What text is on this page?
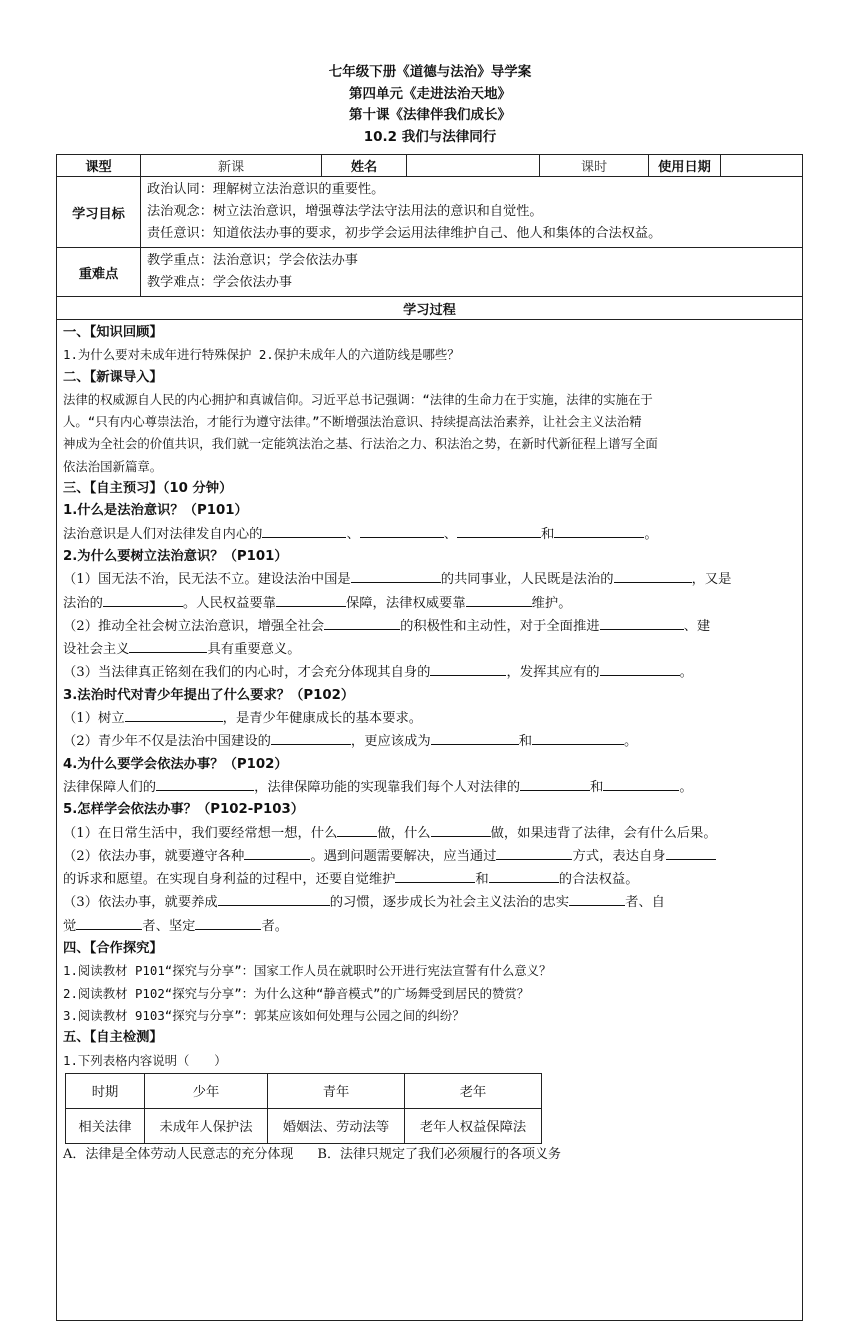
七年级下册《道德与法治》导学案
第四单元《走进法治天地》
第十课《法律伴我们成长》
10.2 我们与法律同行
课型	新课	姓名		课时	使用日期	
学习目标	
政治认同：理解树立法治意识的重要性。
法治观念：树立法治意识，增强尊法学法守法用法的意识和自觉性。
责任意识：知道依法办事的要求，初步学会运用法律维护自己、他人和集体的合法权益。

重难点	
教学重点：法治意识；学会依法办事
教学难点：学会依法办事

学习过程

一、【知识回顾】
1.为什么要对未成年进行特殊保护 2.保护未成年人的六道防线是哪些？
二、【新课导入】
法律的权威源自人民的内心拥护和真诚信仰。习近平总书记强调：“法律的生命力在于实施，法律的实施在于
人。“只有内心尊崇法治，才能行为遵守法律。”不断增强法治意识、持续提高法治素养，让社会主义法治精
神成为全社会的价值共识，我们就一定能筑法治之基、行法治之力、积法治之势，在新时代新征程上谱写全面
依法治国新篇章。
三、【自主预习】（10 分钟）
1.什么是法治意识？（P101）
法治意识是人们对法律发自内心的	、	、	和	。
2.为什么要树立法治意识？（P101）
（1）国无法不治，民无法不立。建设法治中国是	的共同事业，人民既是法治的	，又是
法治的	。人民权益要靠	保障，法律权威要靠	维护。
（2）推动全社会树立法治意识，增强全社会	的积极性和主动性，对于全面推进	、建
设社会主义	具有重要意义。
（3）当法律真正铭刻在我们的内心时，才会充分体现其自身的	，发挥其应有的	。
3.法治时代对青少年提出了什么要求？（P102）
（1）树立	，是青少年健康成长的基本要求。
（2）青少年不仅是法治中国建设的	，更应该成为	和	。
4.为什么要学会依法办事？（P102）
法律保障人们的	，法律保障功能的实现靠我们每个人对法律的	和	。
5.怎样学会依法办事？（P102-P103）
（1）在日常生活中，我们要经常想一想，什么	做，什么	做，如果违背了法律，会有什么后果。
（2）依法办事，就要遵守各种	。遇到问题需要解决，应当通过	方式，表达自身
的诉求和愿望。在实现自身利益的过程中，还要自觉维护	和	的合法权益。
（3）依法办事，就要养成	的习惯，逐步成长为社会主义法治的忠实	者、自
觉	者、坚定	者。
四、【合作探究】
1.阅读教材 P101“探究与分享”：国家工作人员在就职时公开进行宪法宣誓有什么意义？
2.阅读教材 P102“探究与分享”：为什么这种“静音模式”的广场舞受到居民的赞赏？
3.阅读教材 9103“探究与分享”：郭某应该如何处理与公园之间的纠纷？
五、【自主检测】
1.下列表格内容说明（　　）
时期	少年	青年	老年
相关法律	未成年人保护法	婚姻法、劳动法等	老年人权益保障法
A．法律是全体劳动人民意志的充分体现 B．法律只规定了我们必须履行的各项义务
